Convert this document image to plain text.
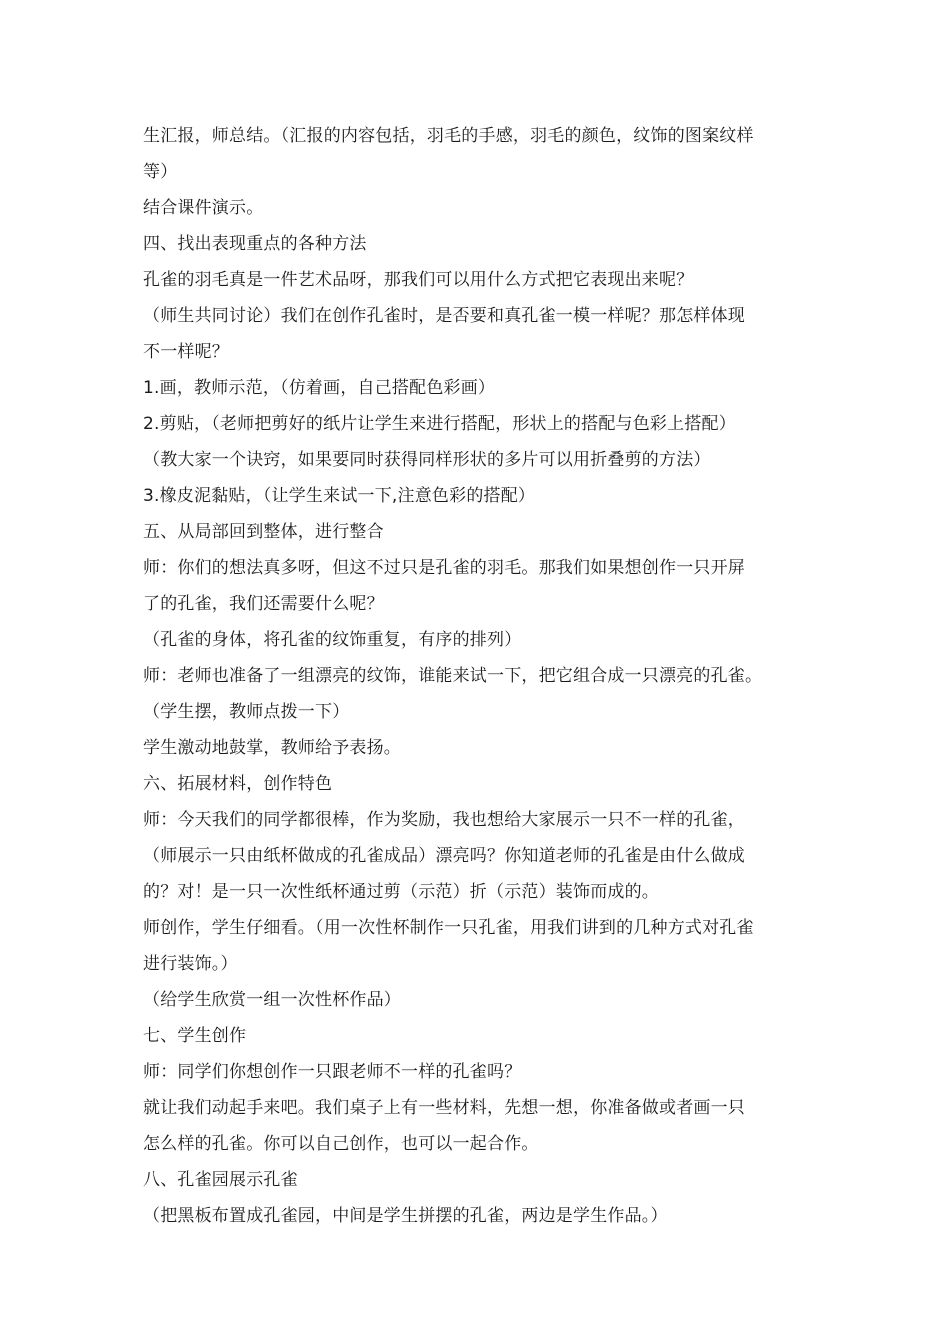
生汇报，师总结。（汇报的内容包括，羽毛的手感，羽毛的颜色，纹饰的图案纹样
等）
结合课件演示。
四、找出表现重点的各种方法
孔雀的羽毛真是一件艺术品呀，那我们可以用什么方式把它表现出来呢？
（师生共同讨论）我们在创作孔雀时，是否要和真孔雀一模一样呢？那怎样体现
不一样呢？
1.画，教师示范，（仿着画，自己搭配色彩画）
2.剪贴，（老师把剪好的纸片让学生来进行搭配，形状上的搭配与色彩上搭配）
（教大家一个诀窍，如果要同时获得同样形状的多片可以用折叠剪的方法）
3.橡皮泥黏贴，（让学生来试一下,注意色彩的搭配）
五、从局部回到整体，进行整合
师：你们的想法真多呀，但这不过只是孔雀的羽毛。那我们如果想创作一只开屏
了的孔雀，我们还需要什么呢？
（孔雀的身体，将孔雀的纹饰重复，有序的排列）
师：老师也准备了一组漂亮的纹饰，谁能来试一下，把它组合成一只漂亮的孔雀。
（学生摆，教师点拨一下）
学生激动地鼓掌，教师给予表扬。
六、拓展材料，创作特色
师：今天我们的同学都很棒，作为奖励，我也想给大家展示一只不一样的孔雀，
（师展示一只由纸杯做成的孔雀成品）漂亮吗？你知道老师的孔雀是由什么做成
的？对！是一只一次性纸杯通过剪（示范）折（示范）装饰而成的。
师创作，学生仔细看。（用一次性杯制作一只孔雀，用我们讲到的几种方式对孔雀
进行装饰。）
（给学生欣赏一组一次性杯作品）
七、学生创作
师：同学们你想创作一只跟老师不一样的孔雀吗？
就让我们动起手来吧。我们桌子上有一些材料，先想一想，你准备做或者画一只
怎么样的孔雀。你可以自己创作，也可以一起合作。
八、孔雀园展示孔雀
（把黑板布置成孔雀园，中间是学生拼摆的孔雀，两边是学生作品。）
